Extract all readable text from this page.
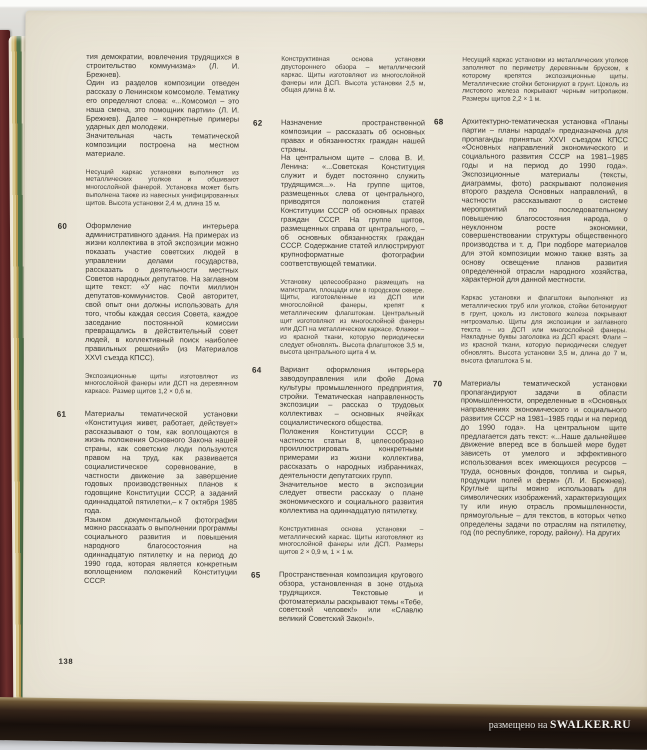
тия демократии, вовлечения трудящихся в строительство коммунизма» (Л. И. Брежнев).
Один из разделов композиции отведен рассказу о Ленинском комсомоле. Тематику его определяют слова: «...Комсомол – это наша смена, это помощник партии» (Л. И. Брежнев). Далее – конкретные примеры ударных дел молодежи.
Значительная часть тематической композиции построена на местном материале.

Несущий каркас установки выполняют из металлических уголков и обшивают многослойной фанерой. Установка может быть выполнена также из навесных унифицированных щитов. Высота установки 2,4 м, длина 15 м.

60	Оформление интерьера административного здания. На примерах из жизни коллектива в этой экспозиции можно показать участие советских людей в управлении делами государства, рассказать о деятельности местных Советов народных депутатов. На заглавном щите текст: «У нас почти миллион депутатов-коммунистов. Свой авторитет, свой опыт они должны использовать для того, чтобы каждая сессия Совета, каждое заседание постоянной комиссии превращались в действительный совет людей, в коллективный поиск наиболее правильных решений» (из Материалов XXVI съезда КПСС).

Экспозиционные щиты изготовляют из многослойной фанеры или ДСП на деревянном каркасе. Размер щитов 1,2 × 0,6 м.

61	Материалы тематической установки «Конституция живет, работает, действует» рассказывают о том, как воплощаются в жизнь положения Основного Закона нашей страны, как советские люди пользуются правом на труд, как развивается социалистическое соревнование, в частности движение за завершение годовых производственных планов к годовщине Конституции СССР, а заданий одиннадцатой пятилетки,– к 7 октября 1985 года.
Языком документальной фотографии можно рассказать о выполнении программы социального развития и повышения народного благосостояния на одиннадцатую пятилетку и на период до 1990 года, которая является конкретным воплощением положений Конституции СССР.

Конструктивная основа установки двустороннего обзора – металлический каркас. Щиты изготовляют из многослойной фанеры или ДСП. Высота установки 2,5 м, общая длина 8 м.

62	Назначение пространственной композиции – рассказать об основных правах и обязанностях граждан нашей страны.
На центральном щите – слова В. И. Ленина: «...Советская Конституция служит и будет постоянно служить трудящимся...». На группе щитов, размещенных слева от центрального, приводятся положения статей Конституции СССР об основных правах граждан СССР. На группе щитов, размещенных справа от центрального, – об основных обязанностях граждан СССР. Содержание статей иллюстрируют крупноформатные фотографии соответствующей тематики.

Установку целесообразно размещать на магистрали, площади или в городском сквере. Щиты, изготовленные из ДСП или многослойной фанеры, крепят к металлическим флагштокам. Центральный щит изготовляют из многослойной фанеры или ДСП на металлическом каркасе. Флажки – из красной ткани, которую периодически следует обновлять. Высота флагштоков 3,5 м, высота центрального щита 4 м.

64	Вариант оформления интерьера заводоуправления или фойе Дома культуры промышленного предприятия, стройки. Тематическая направленность экспозиции – рассказ о трудовых коллективах – основных ячейках социалистического общества.
Положения Конституции СССР, в частности статьи 8, целесообразно проиллюстрировать конкретными примерами из жизни коллектива, рассказать о народных избранниках, деятельности депутатских групп.
Значительное место в экспозиции следует отвести рассказу о плане экономического и социального развития коллектива на одиннадцатую пятилетку.

Конструктивная основа установки – металлический каркас. Щиты изготовляют из многослойной фанеры или ДСП. Размеры щитов 2 × 0,9 м, 1 × 1 м.

65	Пространственная композиция кругового обзора, установленная в зоне отдыха трудящихся. Текстовые и фотоматериалы раскрывают темы «Тебе, советский человек!» или «Славлю великий Советский Закон!».

Несущий каркас установки из металлических уголков заполняют по периметру деревянным бруском, к которому крепятся экспозиционные щиты. Металлические стойки бетонируют в грунт. Цоколь из листового железа покрывают черным нитролаком. Размеры щитов 2,2 × 1 м.

68	Архитектурно-тематическая установка «Планы партии – планы народа!» предназначена для пропаганды принятых XXVI съездом КПСС «Основных направлений экономического и социального развития СССР на 1981–1985 годы и на период до 1990 года». Экспозиционные материалы (тексты, диаграммы, фото) раскрывают положения второго раздела Основных направлений, в частности рассказывают о системе мероприятий по последовательному повышению благосостояния народа, о неуклонном росте экономики, совершенствовании структуры общественного производства и т. д. При подборе материалов для этой композиции можно также взять за основу освещение планов развития определенной отрасли народного хозяйства, характерной для данной местности.

Каркас установки и флагштоки выполняют из металлических труб или уголков, стойки бетонируют в грунт, цоколь из листового железа покрывают нитроэмалью. Щиты для экспозиции и заглавного текста – из ДСП или многослойной фанеры. Накладные буквы заголовка из ДСП красят. Флаги – из красной ткани, которую периодически следует обновлять. Высота установки 3,5 м, длина до 7 м, высота флагштока 5 м.

70	Материалы тематической установки пропагандируют задачи в области промышленности, определенные в «Основных направлениях экономического и социального развития СССР на 1981–1985 годы и на период до 1990 года». На центральном щите предлагается дать текст: «...Наше дальнейшее движение вперед все в большей мере будет зависеть от умелого и эффективного использования всех имеющихся ресурсов – труда, основных фондов, топлива и сырья, продукции полей и ферм» (Л. И. Брежнев). Круглые щиты можно использовать для символических изображений, характеризующих ту или иную отрасль промышленности, прямоугольные – для текстов, в которых четко определены задачи по отраслям на пятилетку, год (по республике, городу, району). На других

138
размещено на SWALKER.RU
